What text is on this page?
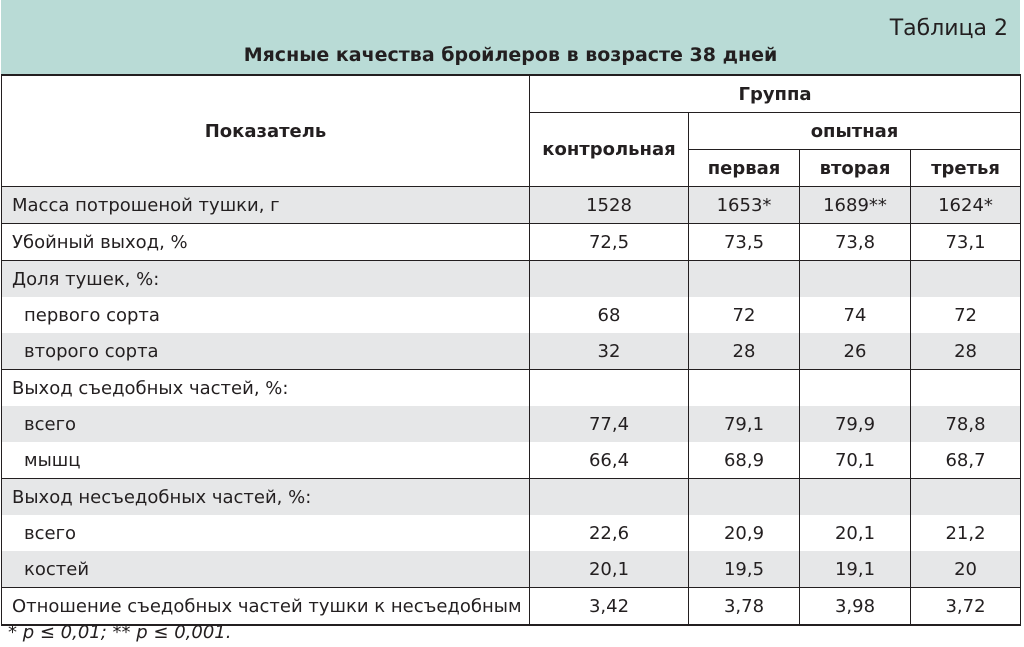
Таблица 2
Мясные качества бройлеров в возрасте 38 дней
Показатель	Группа			
	контрольная	опытная		
		первая	вторая	третья
Масса потрошеной тушки, г	1528	1653*	1689**	1624*
Убойный выход, %	72,5	73,5	73,8	73,1
Доля тушек, %:				
первого сорта	68	72	74	72
второго сорта	32	28	26	28
Выход съедобных частей, %:				
всего	77,4	79,1	79,9	78,8
мышц	66,4	68,9	70,1	68,7
Выход несъедобных частей, %:				
всего	22,6	20,9	20,1	21,2
костей	20,1	19,5	19,1	20
Отношение съедобных частей тушки к несъедобным	3,42	3,78	3,98	3,72
* p ≤ 0,01; ** p ≤ 0,001.
